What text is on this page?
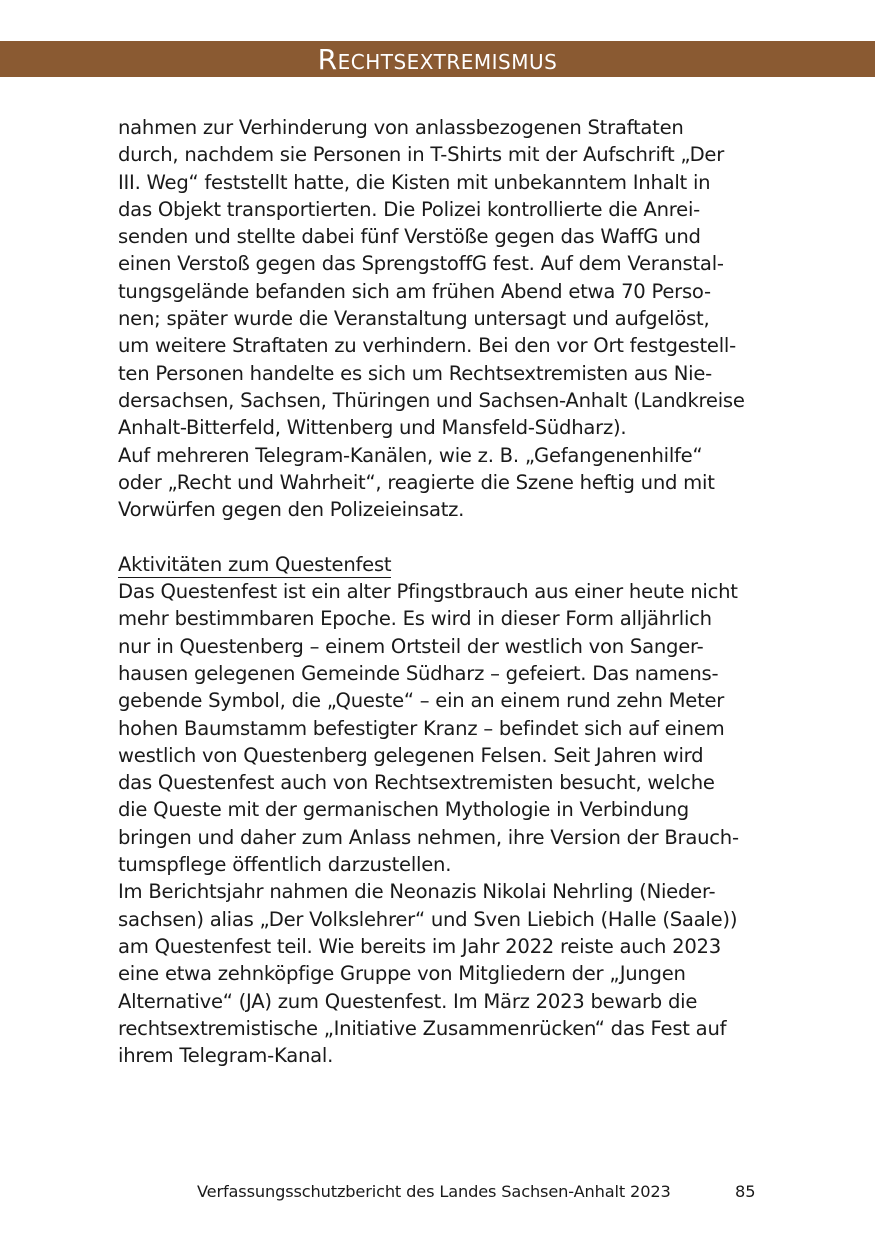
Rechtsextremismus
nahmen zur Verhinderung von anlassbezogenen Straftaten
durch, nachdem sie Personen in T-Shirts mit der Aufschrift „Der
III. Weg“ feststellt hatte, die Kisten mit unbekanntem Inhalt in
das Objekt transportierten. Die Polizei kontrollierte die Anrei-
senden und stellte dabei fünf Verstöße gegen das WaffG und
einen Verstoß gegen das SprengstoffG fest. Auf dem Veranstal-
tungsgelände befanden sich am frühen Abend etwa 70 Perso-
nen; später wurde die Veranstaltung untersagt und aufgelöst,
um weitere Straftaten zu verhindern. Bei den vor Ort festgestell-
ten Personen handelte es sich um Rechtsextremisten aus Nie-
dersachsen, Sachsen, Thüringen und Sachsen-Anhalt (Landkreise
Anhalt-Bitterfeld, Wittenberg und Mansfeld-Südharz).
Auf mehreren Telegram-Kanälen, wie z. B. „Gefangenenhilfe“
oder „Recht und Wahrheit“, reagierte die Szene heftig und mit
Vorwürfen gegen den Polizeieinsatz.
Aktivitäten zum Questenfest
Das Questenfest ist ein alter Pfingstbrauch aus einer heute nicht
mehr bestimmbaren Epoche. Es wird in dieser Form alljährlich
nur in Questenberg – einem Ortsteil der westlich von Sanger-
hausen gelegenen Gemeinde Südharz – gefeiert. Das namens-
gebende Symbol, die „Queste“ – ein an einem rund zehn Meter
hohen Baumstamm befestigter Kranz – befindet sich auf einem
westlich von Questenberg gelegenen Felsen. Seit Jahren wird
das Questenfest auch von Rechtsextremisten besucht, welche
die Queste mit der germanischen Mythologie in Verbindung
bringen und daher zum Anlass nehmen, ihre Version der Brauch-
tumspflege öffentlich darzustellen.
Im Berichtsjahr nahmen die Neonazis Nikolai Nehrling (Nieder-
sachsen) alias „Der Volkslehrer“ und Sven Liebich (Halle (Saale))
am Questenfest teil. Wie bereits im Jahr 2022 reiste auch 2023
eine etwa zehnköpfige Gruppe von Mitgliedern der „Jungen
Alternative“ (JA) zum Questenfest. Im März 2023 bewarb die
rechtsextremistische „Initiative Zusammenrücken“ das Fest auf
ihrem Telegram-Kanal.
Verfassungsschutzbericht des Landes Sachsen-Anhalt 2023	85
